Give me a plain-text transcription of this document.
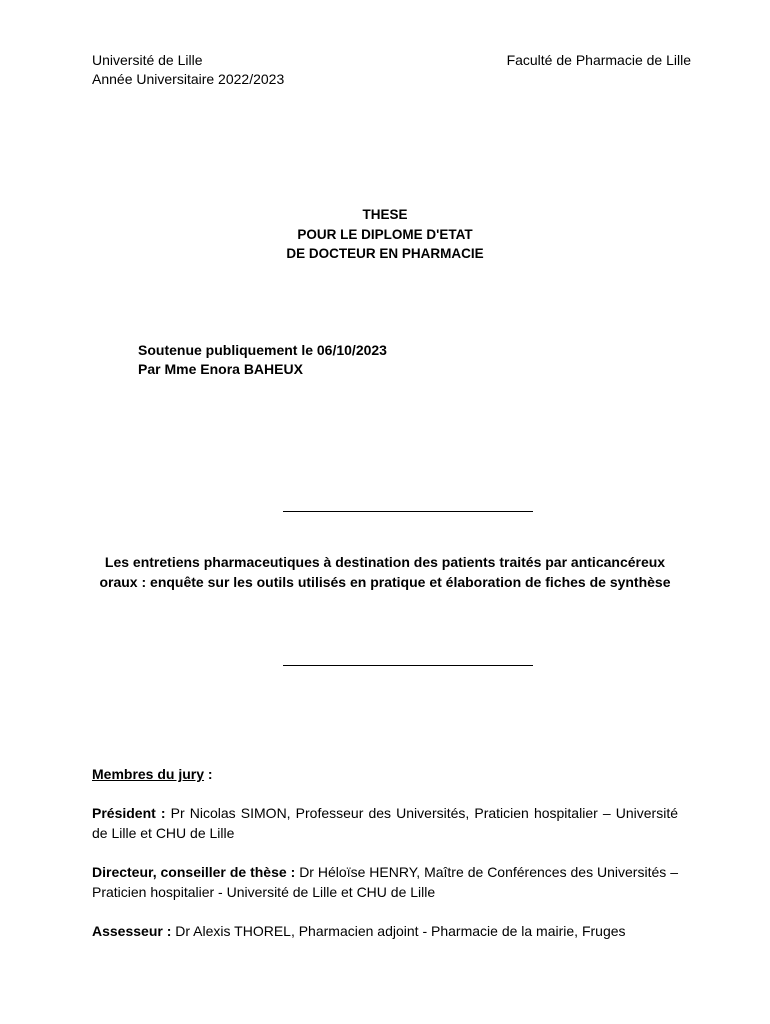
Université de Lille
Année Universitaire 2022/2023
Faculté de Pharmacie de Lille
THESE
POUR LE DIPLOME D'ETAT
DE DOCTEUR EN PHARMACIE
Soutenue publiquement le 06/10/2023
Par Mme Enora BAHEUX
Les entretiens pharmaceutiques à destination des patients traités par anticancéreux oraux : enquête sur les outils utilisés en pratique et élaboration de fiches de synthèse

Membres du jury :

Président : Pr Nicolas SIMON, Professeur des Universités, Praticien hospitalier – Université de Lille et CHU de Lille

Directeur, conseiller de thèse : Dr Héloïse HENRY, Maître de Conférences des Universités – Praticien hospitalier - Université de Lille et CHU de Lille

Assesseur : Dr Alexis THOREL, Pharmacien adjoint - Pharmacie de la mairie, Fruges
